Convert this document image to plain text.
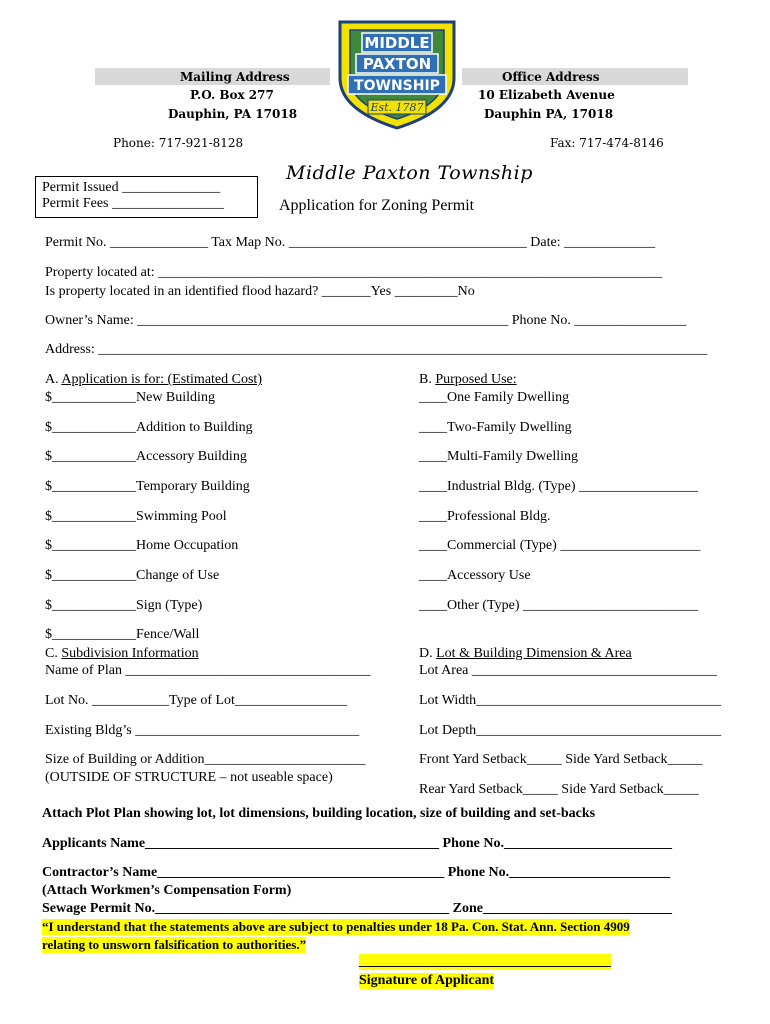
Mailing Address
P.O. Box 277
Dauphin, PA 17018
Office Address
10 Elizabeth Avenue
Dauphin PA, 17018
Phone: 717-921-8128	Fax: 717-474-8146
MIDDLE
PAXTON
TOWNSHIP
Est. 1787
Permit Issued ______________
Permit Fees ________________
Middle Paxton Township
Application for Zoning Permit
Permit No. ______________ Tax Map No. __________________________________ Date: _____________
Property located at: ________________________________________________________________________
Is property located in an identified flood hazard? _______Yes _________No
Owner’s Name: _____________________________________________________ Phone No. ________________
Address: _______________________________________________________________________________________
A. Application is for: (Estimated Cost)
$____________New Building
$____________Addition to Building
$____________Accessory Building
$____________Temporary Building
$____________Swimming Pool
$____________Home Occupation
$____________Change of Use
$____________Sign (Type)
$____________Fence/Wall
B. Purposed Use:
____One Family Dwelling
____Two-Family Dwelling
____Multi-Family Dwelling
____Industrial Bldg. (Type) _________________
____Professional Bldg.
____Commercial (Type) ____________________
____Accessory Use
____Other (Type) _________________________
C. Subdivision Information
Name of Plan ___________________________________
Lot No. ___________Type of Lot________________
Existing Bldg’s ________________________________
Size of Building or Addition_______________________
(OUTSIDE OF STRUCTURE – not useable space)
D. Lot & Building Dimension & Area
Lot Area ___________________________________
Lot Width___________________________________
Lot Depth___________________________________
Front Yard Setback_____ Side Yard Setback_____
Rear Yard Setback_____ Side Yard Setback_____
Attach Plot Plan showing lot, lot dimensions, building location, size of building and set-backs
Applicants Name__________________________________________ Phone No.________________________
Contractor’s Name_________________________________________ Phone No._______________________
(Attach Workmen’s Compensation Form)
Sewage Permit No.__________________________________________ Zone___________________________
“I understand that the statements above are subject to penalties under 18 Pa. Con. Stat. Ann. Section 4909
relating to unsworn falsification to authorities.”
____________________________________
Signature of Applicant
